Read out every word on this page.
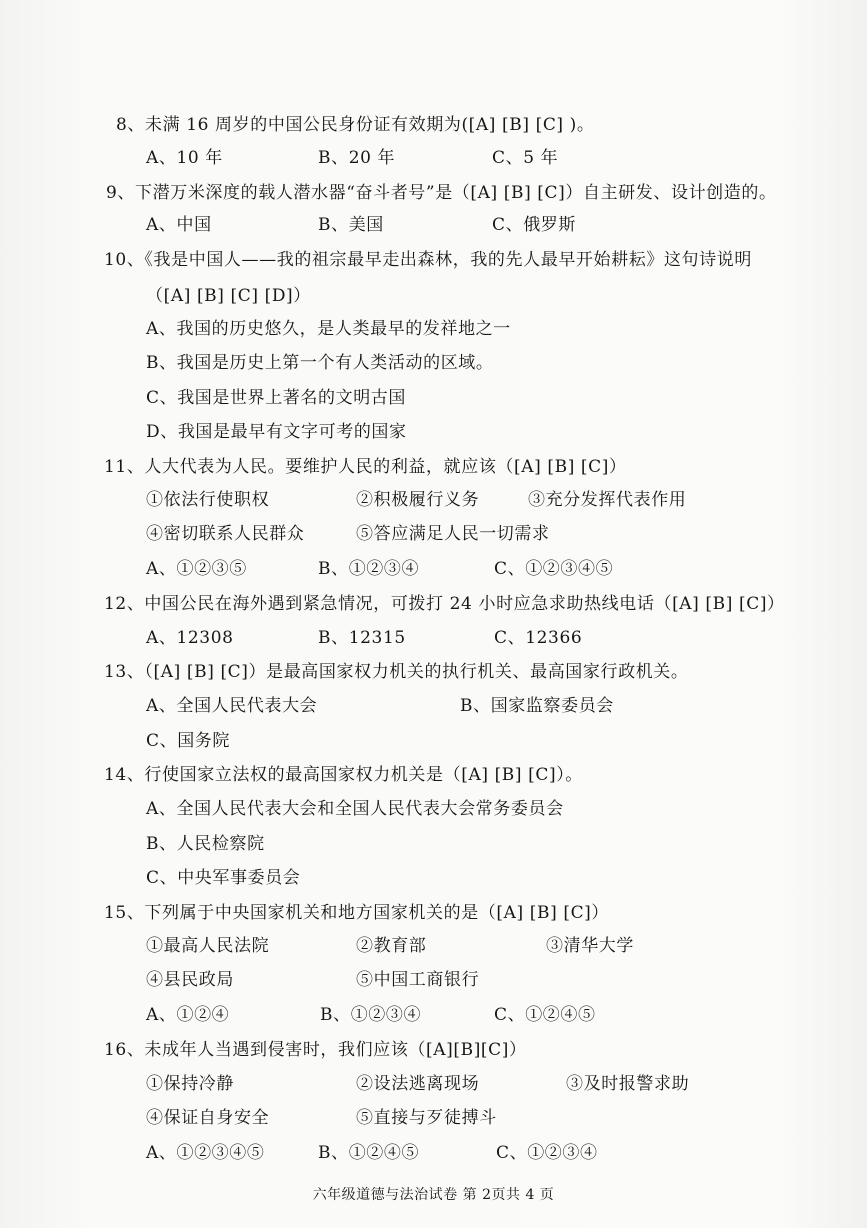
8、未满 16 周岁的中国公民身份证有效期为([A] [B] [C] )。
A、10 年	B、20 年	C、5 年
9、下潜万米深度的载人潜水器“奋斗者号”是（[A] [B] [C]）自主研发、设计创造的。
A、中国	B、美国	C、俄罗斯
10、《我是中国人——我的祖宗最早走出森林，我的先人最早开始耕耘》这句诗说明
（[A] [B] [C] [D]）
A、我国的历史悠久，是人类最早的发祥地之一
B、我国是历史上第一个有人类活动的区域。
C、我国是世界上著名的文明古国
D、我国是最早有文字可考的国家
11、人大代表为人民。要维护人民的利益，就应该（[A] [B] [C]）
①依法行使职权	②积极履行义务	③充分发挥代表作用
④密切联系人民群众	⑤答应满足人民一切需求
A、①②③⑤	B、①②③④	C、①②③④⑤
12、中国公民在海外遇到紧急情况，可拨打 24 小时应急求助热线电话（[A] [B] [C]）
A、12308	B、12315	C、12366
13、（[A] [B] [C]）是最高国家权力机关的执行机关、最高国家行政机关。
A、全国人民代表大会	B、国家监察委员会
C、国务院
14、行使国家立法权的最高国家权力机关是（[A] [B] [C]）。
A、全国人民代表大会和全国人民代表大会常务委员会
B、人民检察院
C、中央军事委员会
15、下列属于中央国家机关和地方国家机关的是（[A] [B] [C]）
①最高人民法院	②教育部	③清华大学
④县民政局	⑤中国工商银行
A、①②④	B、①②③④	C、①②④⑤
16、未成年人当遇到侵害时，我们应该（[A][B][C]）
①保持冷静	②设法逃离现场	③及时报警求助
④保证自身安全	⑤直接与歹徒搏斗
A、①②③④⑤	B、①②④⑤	C、①②③④
六年级道德与法治试卷 第 2页共 4 页
